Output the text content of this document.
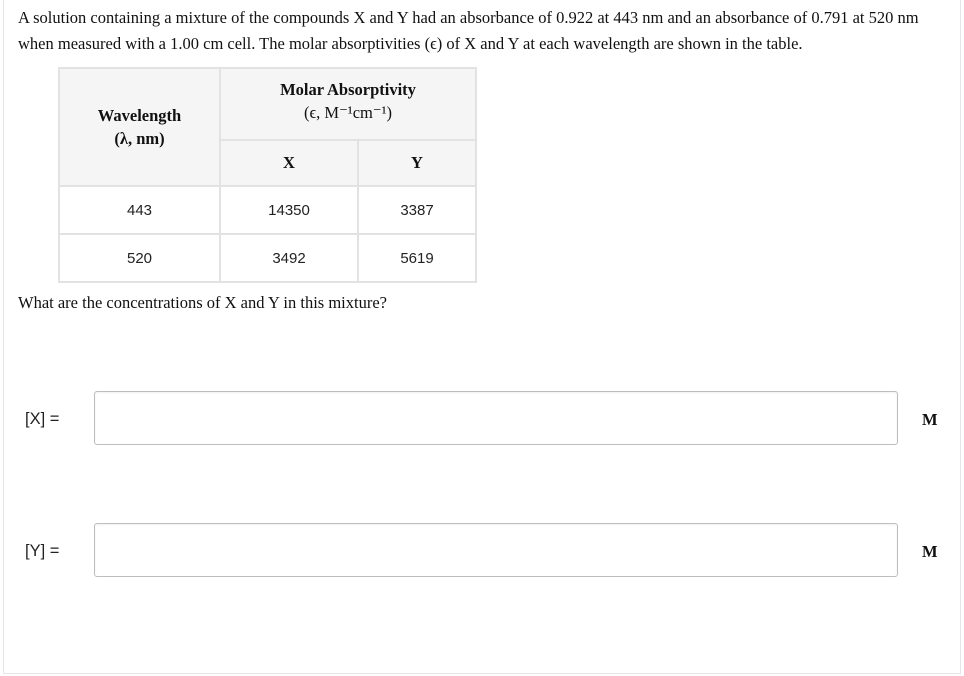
A solution containing a mixture of the compounds X and Y had an absorbance of 0.922 at 443 nm and an absorbance of 0.791 at 520 nm when measured with a 1.00 cm cell. The molar absorptivities (ϵ) of X and Y at each wavelength are shown in the table.

Wavelength
(λ, nm)	Molar Absorptivity
(ϵ, M⁻¹cm⁻¹)	

	X	Y
443	14350	3387
520	3492	5619

What are the concentrations of X and Y in this mixture?

[X] =	M
[Y] =	M
